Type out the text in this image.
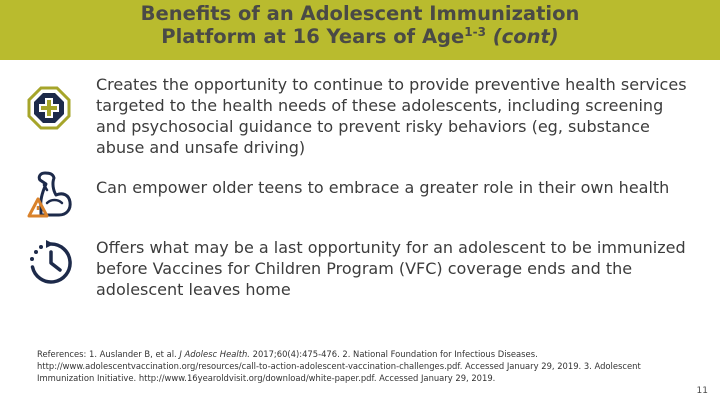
Benefits of an Adolescent Immunization
Platform at 16 Years of Age$^{1-3}$ (cont)
Creates the opportunity to continue to provide preventive health services targeted to the health needs of these adolescents, including screening and psychosocial guidance to prevent risky behaviors (eg, substance abuse and unsafe driving)
Can empower older teens to embrace a greater role in their own health
Offers what may be a last opportunity for an adolescent to be immunized before Vaccines for Children Program (VFC) coverage ends and the adolescent leaves home
References: 1. Auslander B, et al. J Adolesc Health. 2017;60(4):475-476. 2. National Foundation for Infectious Diseases. http://www.adolescentvaccination.org/resources/call-to-action-adolescent-vaccination-challenges.pdf. Accessed January 29, 2019. 3. Adolescent Immunization Initiative. http://www.16yearoldvisit.org/download/white-paper.pdf. Accessed January 29, 2019.
11
